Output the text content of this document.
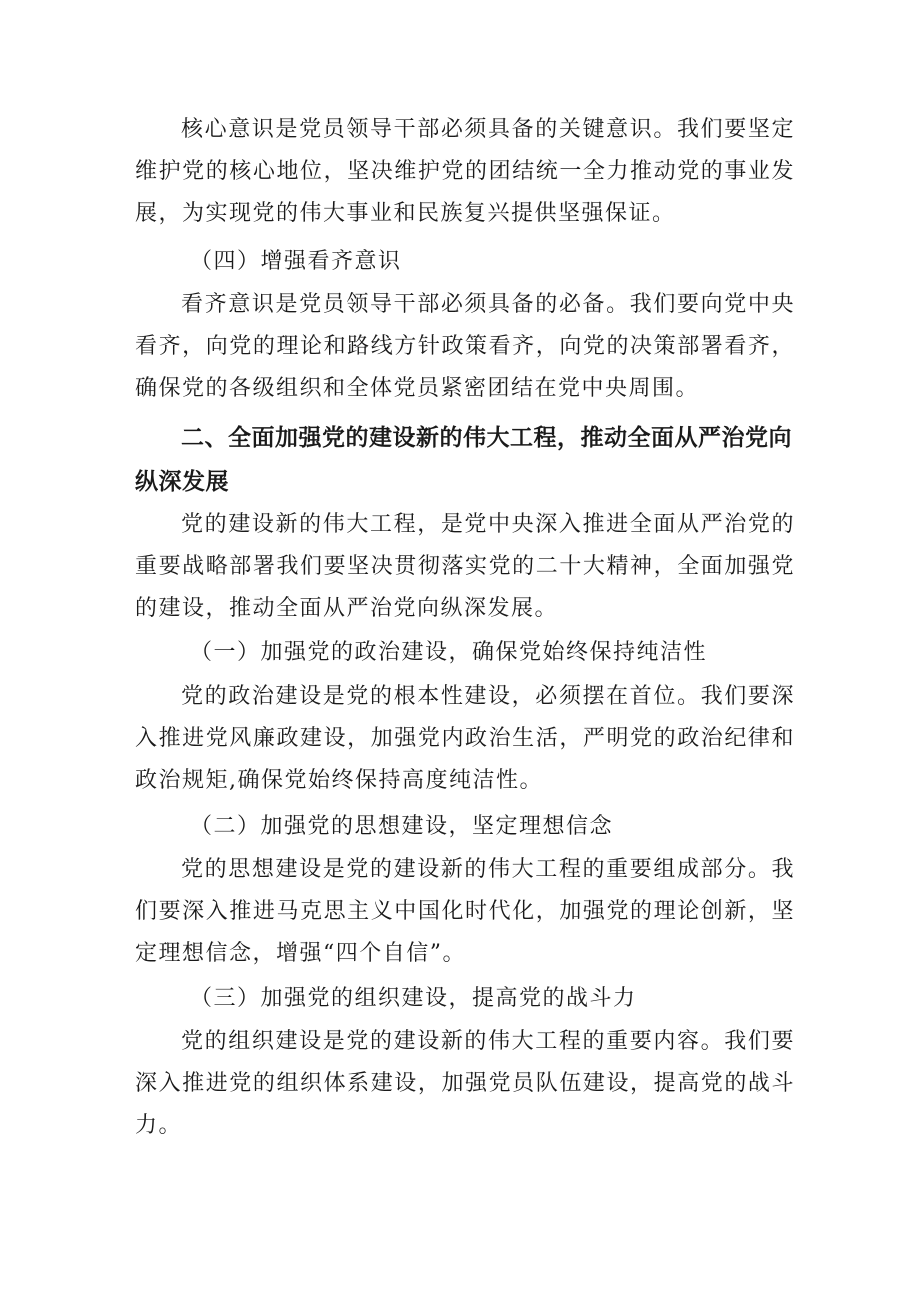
核心意识是党员领导干部必须具备的关键意识。我们要坚定维护党的核心地位，坚决维护党的团结统一全力推动党的事业发展，为实现党的伟大事业和民族复兴提供坚强保证。

（四）增强看齐意识

看齐意识是党员领导干部必须具备的必备。我们要向党中央看齐，向党的理论和路线方针政策看齐，向党的决策部署看齐，确保党的各级组织和全体党员紧密团结在党中央周围。

二、全面加强党的建设新的伟大工程，推动全面从严治党向纵深发展

党的建设新的伟大工程，是党中央深入推进全面从严治党的重要战略部署我们要坚决贯彻落实党的二十大精神，全面加强党的建设，推动全面从严治党向纵深发展。

（一）加强党的政治建设，确保党始终保持纯洁性

党的政治建设是党的根本性建设，必须摆在首位。我们要深入推进党风廉政建设，加强党内政治生活，严明党的政治纪律和政治规矩,确保党始终保持高度纯洁性。

（二）加强党的思想建设，坚定理想信念

党的思想建设是党的建设新的伟大工程的重要组成部分。我们要深入推进马克思主义中国化时代化，加强党的理论创新，坚定理想信念，增强“四个自信”。

（三）加强党的组织建设，提高党的战斗力

党的组织建设是党的建设新的伟大工程的重要内容。我们要深入推进党的组织体系建设，加强党员队伍建设，提高党的战斗力。
